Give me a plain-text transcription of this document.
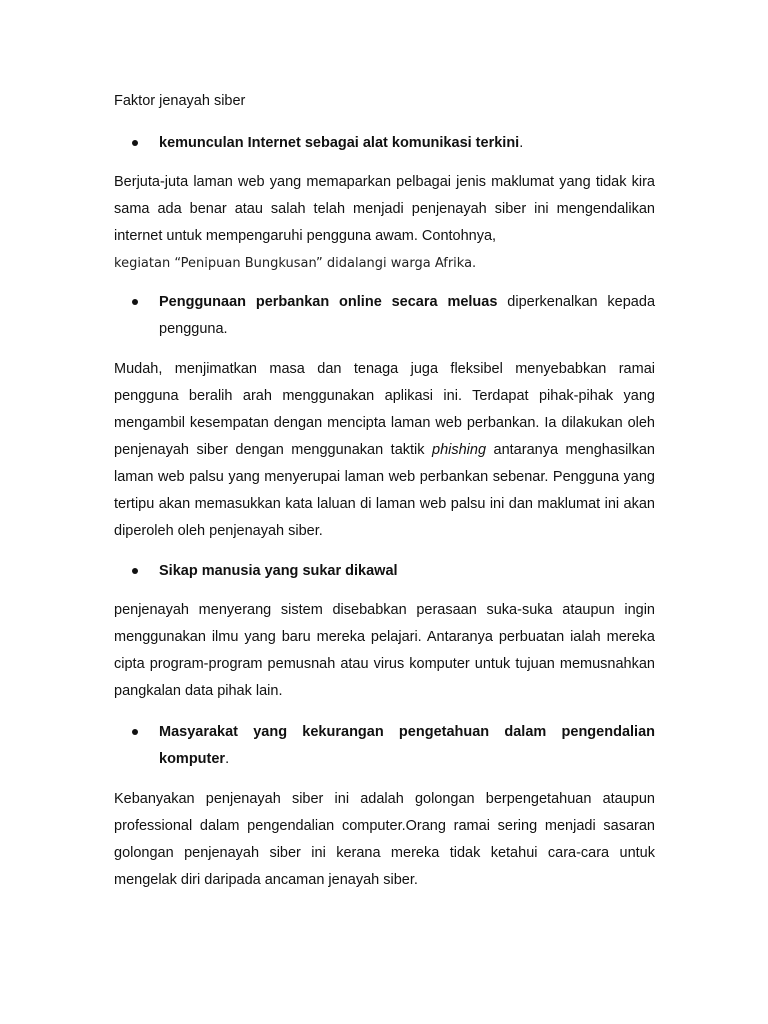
Faktor jenayah siber

kemunculan Internet sebagai alat komunikasi terkini.

Berjuta-juta laman web yang memaparkan pelbagai jenis maklumat yang tidak kira sama ada benar atau salah telah menjadi penjenayah siber ini mengendalikan internet untuk mempengaruhi pengguna awam. Contohnya,

kegiatan “Penipuan Bungkusan” didalangi warga Afrika.

Penggunaan perbankan online secara meluas diperkenalkan kepada pengguna.

Mudah, menjimatkan masa dan tenaga juga fleksibel menyebabkan ramai pengguna beralih arah menggunakan aplikasi ini. Terdapat pihak-pihak yang mengambil kesempatan dengan mencipta laman web perbankan. Ia dilakukan oleh penjenayah siber dengan menggunakan taktik phishing antaranya menghasilkan laman web palsu yang menyerupai laman web perbankan sebenar. Pengguna yang tertipu akan memasukkan kata laluan di laman web palsu ini dan maklumat ini akan diperoleh oleh penjenayah siber.

Sikap manusia yang sukar dikawal

penjenayah menyerang sistem disebabkan perasaan suka-suka ataupun ingin menggunakan ilmu yang baru mereka pelajari. Antaranya perbuatan ialah mereka cipta program-program pemusnah atau virus komputer untuk tujuan memusnahkan pangkalan data pihak lain.

Masyarakat yang kekurangan pengetahuan dalam pengendalian komputer.

Kebanyakan penjenayah siber ini adalah golongan berpengetahuan ataupun professional dalam pengendalian computer.Orang ramai sering menjadi sasaran golongan penjenayah siber ini kerana mereka tidak ketahui cara-cara untuk mengelak diri daripada ancaman jenayah siber.
